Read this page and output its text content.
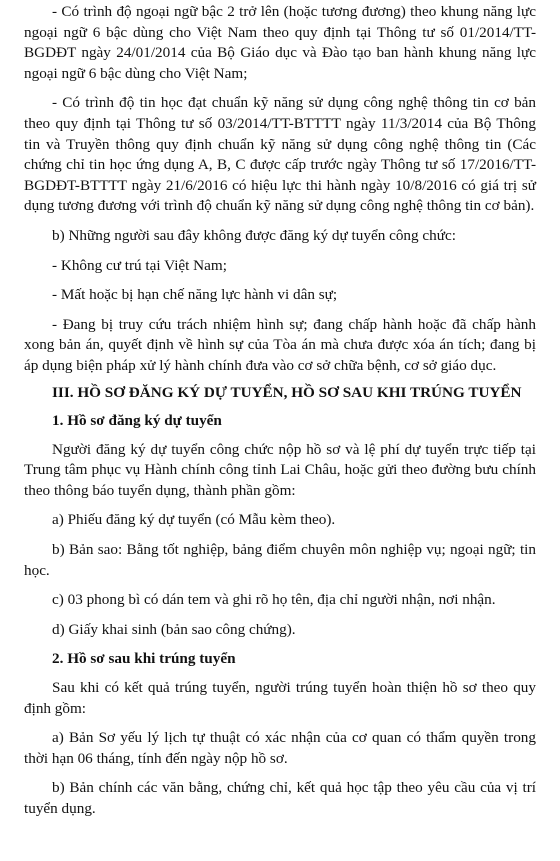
- Có trình độ ngoại ngữ bậc 2 trở lên (hoặc tương đương) theo khung năng lực ngoại ngữ 6 bậc dùng cho Việt Nam theo quy định tại Thông tư số 01/2014/TT-BGDĐT ngày 24/01/2014 của Bộ Giáo dục và Đào tạo ban hành khung năng lực ngoại ngữ 6 bậc dùng cho Việt Nam;

- Có trình độ tin học đạt chuẩn kỹ năng sử dụng công nghệ thông tin cơ bản theo quy định tại Thông tư số 03/2014/TT-BTTTT ngày 11/3/2014 của Bộ Thông tin và Truyền thông quy định chuẩn kỹ năng sử dụng công nghệ thông tin (Các chứng chỉ tin học ứng dụng A, B, C được cấp trước ngày Thông tư số 17/2016/TT-BGDĐT-BTTTT ngày 21/6/2016 có hiệu lực thi hành ngày 10/8/2016 có giá trị sử dụng tương đương với trình độ chuẩn kỹ năng sử dụng công nghệ thông tin cơ bản).

b) Những người sau đây không được đăng ký dự tuyển công chức:

- Không cư trú tại Việt Nam;

- Mất hoặc bị hạn chế năng lực hành vi dân sự;

- Đang bị truy cứu trách nhiệm hình sự; đang chấp hành hoặc đã chấp hành xong bản án, quyết định về hình sự của Tòa án mà chưa được xóa án tích; đang bị áp dụng biện pháp xử lý hành chính đưa vào cơ sở chữa bệnh, cơ sở giáo dục.

III. HỒ SƠ ĐĂNG KÝ DỰ TUYỂN, HỒ SƠ SAU KHI TRÚNG TUYỂN

1. Hồ sơ đăng ký dự tuyển

Người đăng ký dự tuyển công chức nộp hồ sơ và lệ phí dự tuyển trực tiếp tại Trung tâm phục vụ Hành chính công tỉnh Lai Châu, hoặc gửi theo đường bưu chính theo thông báo tuyển dụng, thành phần gồm:

a) Phiếu đăng ký dự tuyển (có Mẫu kèm theo).

b) Bản sao: Bằng tốt nghiệp, bảng điểm chuyên môn nghiệp vụ; ngoại ngữ; tin học.

c) 03 phong bì có dán tem và ghi rõ họ tên, địa chỉ người nhận, nơi nhận.

d) Giấy khai sinh (bản sao công chứng).

2. Hồ sơ sau khi trúng tuyển

Sau khi có kết quả trúng tuyển, người trúng tuyển hoàn thiện hồ sơ theo quy định gồm:

a) Bản Sơ yếu lý lịch tự thuật có xác nhận của cơ quan có thẩm quyền trong thời hạn 06 tháng, tính đến ngày nộp hồ sơ.

b) Bản chính các văn bằng, chứng chỉ, kết quả học tập theo yêu cầu của vị trí tuyển dụng.
